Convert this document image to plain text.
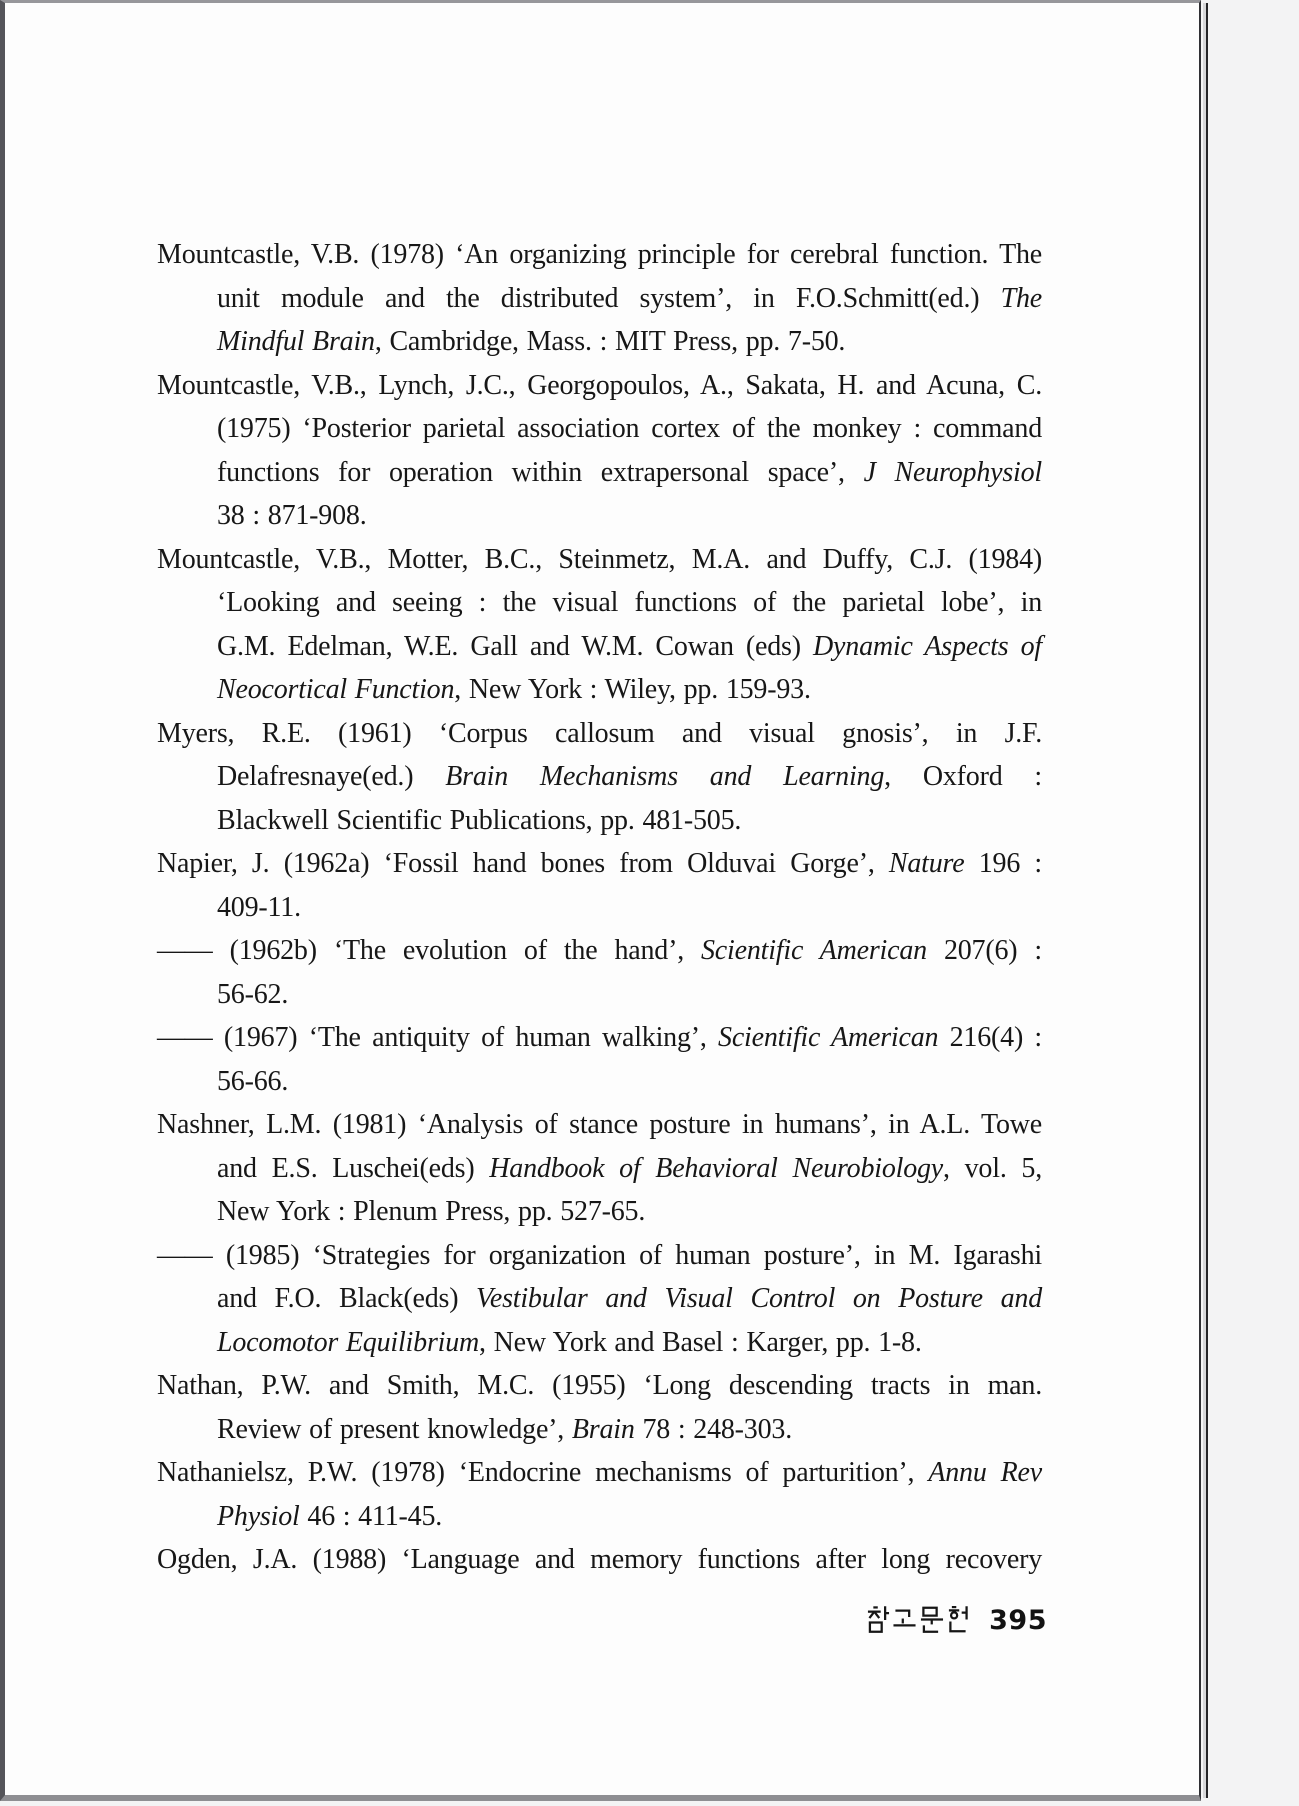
Mountcastle, V.B. (1978) ‘An organizing principle for cerebral function. The
unit module and the distributed system’, in F.O.Schmitt(ed.) The
Mindful Brain, Cambridge, Mass. : MIT Press, pp. 7-50.
Mountcastle, V.B., Lynch, J.C., Georgopoulos, A., Sakata, H. and Acuna, C.
(1975) ‘Posterior parietal association cortex of the monkey : command
functions for operation within extrapersonal space’, J Neurophysiol
38 : 871-908.
Mountcastle, V.B., Motter, B.C., Steinmetz, M.A. and Duffy, C.J. (1984)
‘Looking and seeing : the visual functions of the parietal lobe’, in
G.M. Edelman, W.E. Gall and W.M. Cowan (eds) Dynamic Aspects of
Neocortical Function, New York : Wiley, pp. 159-93.
Myers, R.E. (1961) ‘Corpus callosum and visual gnosis’, in J.F.
Delafresnaye(ed.) Brain Mechanisms and Learning, Oxford :
Blackwell Scientific Publications, pp. 481-505.
Napier, J. (1962a) ‘Fossil hand bones from Olduvai Gorge’, Nature 196 :
409-11.
—— (1962b) ‘The evolution of the hand’, Scientific American 207(6) :
56-62.
—— (1967) ‘The antiquity of human walking’, Scientific American 216(4) :
56-66.
Nashner, L.M. (1981) ‘Analysis of stance posture in humans’, in A.L. Towe
and E.S. Luschei(eds) Handbook of Behavioral Neurobiology, vol. 5,
New York : Plenum Press, pp. 527-65.
—— (1985) ‘Strategies for organization of human posture’, in M. Igarashi
and F.O. Black(eds) Vestibular and Visual Control on Posture and
Locomotor Equilibrium, New York and Basel : Karger, pp. 1-8.
Nathan, P.W. and Smith, M.C. (1955) ‘Long descending tracts in man.
Review of present knowledge’, Brain 78 : 248-303.
Nathanielsz, P.W. (1978) ‘Endocrine mechanisms of parturition’, Annu Rev
Physiol 46 : 411-45.
Ogden, J.A. (1988) ‘Language and memory functions after long recovery
395
